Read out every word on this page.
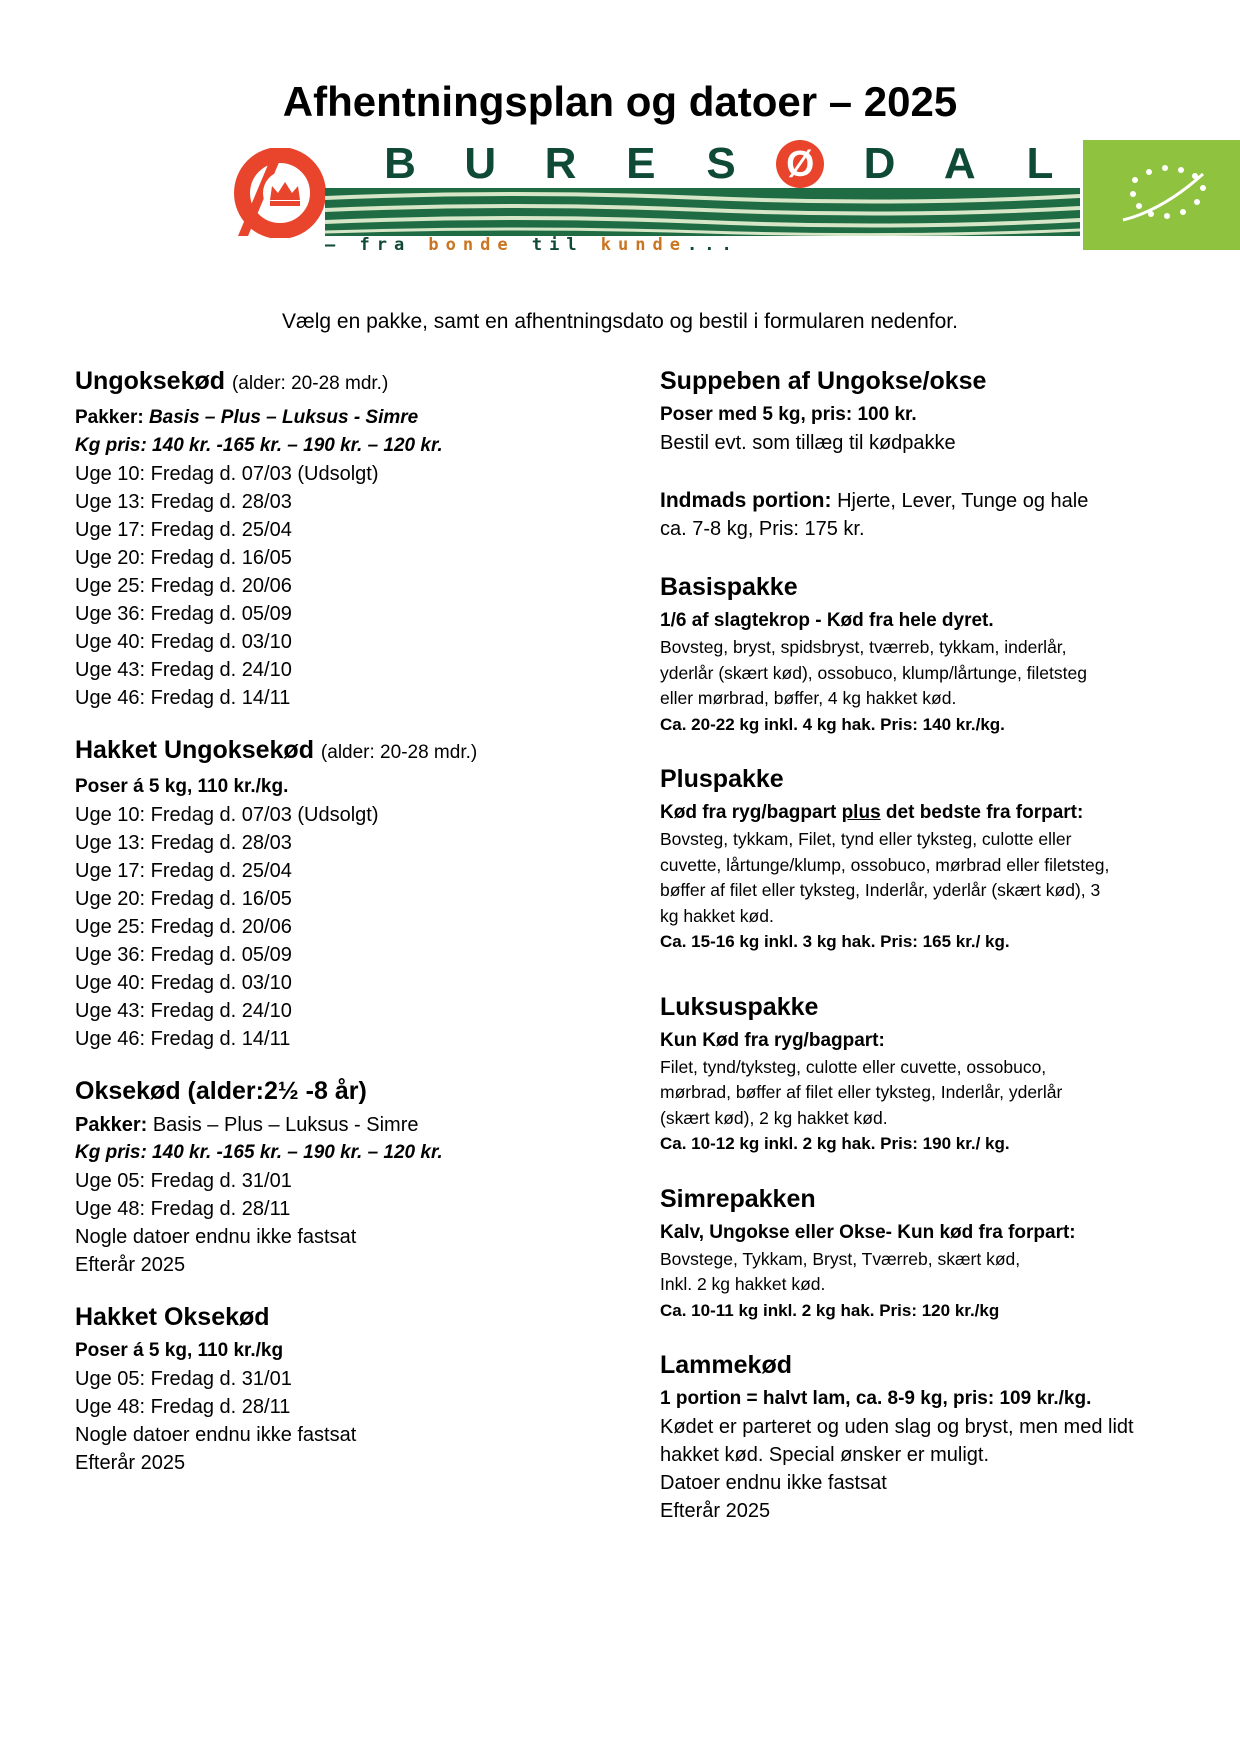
Afhentningsplan og datoer – 2025
B U R E S Ø D A L
– fra bonde til kunde...

Vælg en pakke, samt en afhentningsdato og bestil i formularen nedenfor.

Ungoksekød (alder: 20-28 mdr.)
Pakker: Basis – Plus – Luksus - Simre
Kg pris: 140 kr. -165 kr. – 190 kr. – 120 kr.
Uge 10: Fredag d. 07/03 (Udsolgt)
Uge 13: Fredag d. 28/03
Uge 17: Fredag d. 25/04
Uge 20: Fredag d. 16/05
Uge 25: Fredag d. 20/06
Uge 36: Fredag d. 05/09
Uge 40: Fredag d. 03/10
Uge 43: Fredag d. 24/10
Uge 46: Fredag d. 14/11
Hakket Ungoksekød (alder: 20-28 mdr.)
Poser á 5 kg, 110 kr./kg.
Uge 10: Fredag d. 07/03 (Udsolgt)
Uge 13: Fredag d. 28/03
Uge 17: Fredag d. 25/04
Uge 20: Fredag d. 16/05
Uge 25: Fredag d. 20/06
Uge 36: Fredag d. 05/09
Uge 40: Fredag d. 03/10
Uge 43: Fredag d. 24/10
Uge 46: Fredag d. 14/11
Oksekød (alder:2½ -8 år)
Pakker: Basis – Plus – Luksus - Simre
Kg pris: 140 kr. -165 kr. – 190 kr. – 120 kr.
Uge 05: Fredag d. 31/01
Uge 48: Fredag d. 28/11
Nogle datoer endnu ikke fastsat
Efterår 2025
Hakket Oksekød
Poser á 5 kg, 110 kr./kg
Uge 05: Fredag d. 31/01
Uge 48: Fredag d. 28/11
Nogle datoer endnu ikke fastsat
Efterår 2025
Suppeben af Ungokse/okse
Poser med 5 kg, pris: 100 kr.
Bestil evt. som tillæg til kødpakke
Indmads portion: Hjerte, Lever, Tunge og hale
ca. 7-8 kg, Pris: 175 kr.
Basispakke
1/6 af slagtekrop - Kød fra hele dyret.
Bovsteg, bryst, spidsbryst, tværreb, tykkam, inderlår,
yderlår (skært kød), ossobuco, klump/lårtunge, filetsteg
eller mørbrad, bøffer, 4 kg hakket kød.
Ca. 20-22 kg inkl. 4 kg hak. Pris: 140 kr./kg.
Pluspakke
Kød fra ryg/bagpart plus det bedste fra forpart:
Bovsteg, tykkam, Filet, tynd eller tyksteg, culotte eller
cuvette, lårtunge/klump, ossobuco, mørbrad eller filetsteg,
bøffer af filet eller tyksteg, Inderlår, yderlår (skært kød), 3
kg hakket kød.
Ca. 15-16 kg inkl. 3 kg hak. Pris: 165 kr./ kg.
Luksuspakke
Kun Kød fra ryg/bagpart:
Filet, tynd/tyksteg, culotte eller cuvette, ossobuco,
mørbrad, bøffer af filet eller tyksteg, Inderlår, yderlår
(skært kød), 2 kg hakket kød.
Ca. 10-12 kg inkl. 2 kg hak. Pris: 190 kr./ kg.
Simrepakken
Kalv, Ungokse eller Okse- Kun kød fra forpart:
Bovstege, Tykkam, Bryst, Tværreb, skært kød,
Inkl. 2 kg hakket kød.
Ca. 10-11 kg inkl. 2 kg hak. Pris: 120 kr./kg
Lammekød
1 portion = halvt lam, ca. 8-9 kg, pris: 109 kr./kg.
Kødet er parteret og uden slag og bryst, men med lidt
hakket kød. Special ønsker er muligt.
Datoer endnu ikke fastsat
Efterår 2025
